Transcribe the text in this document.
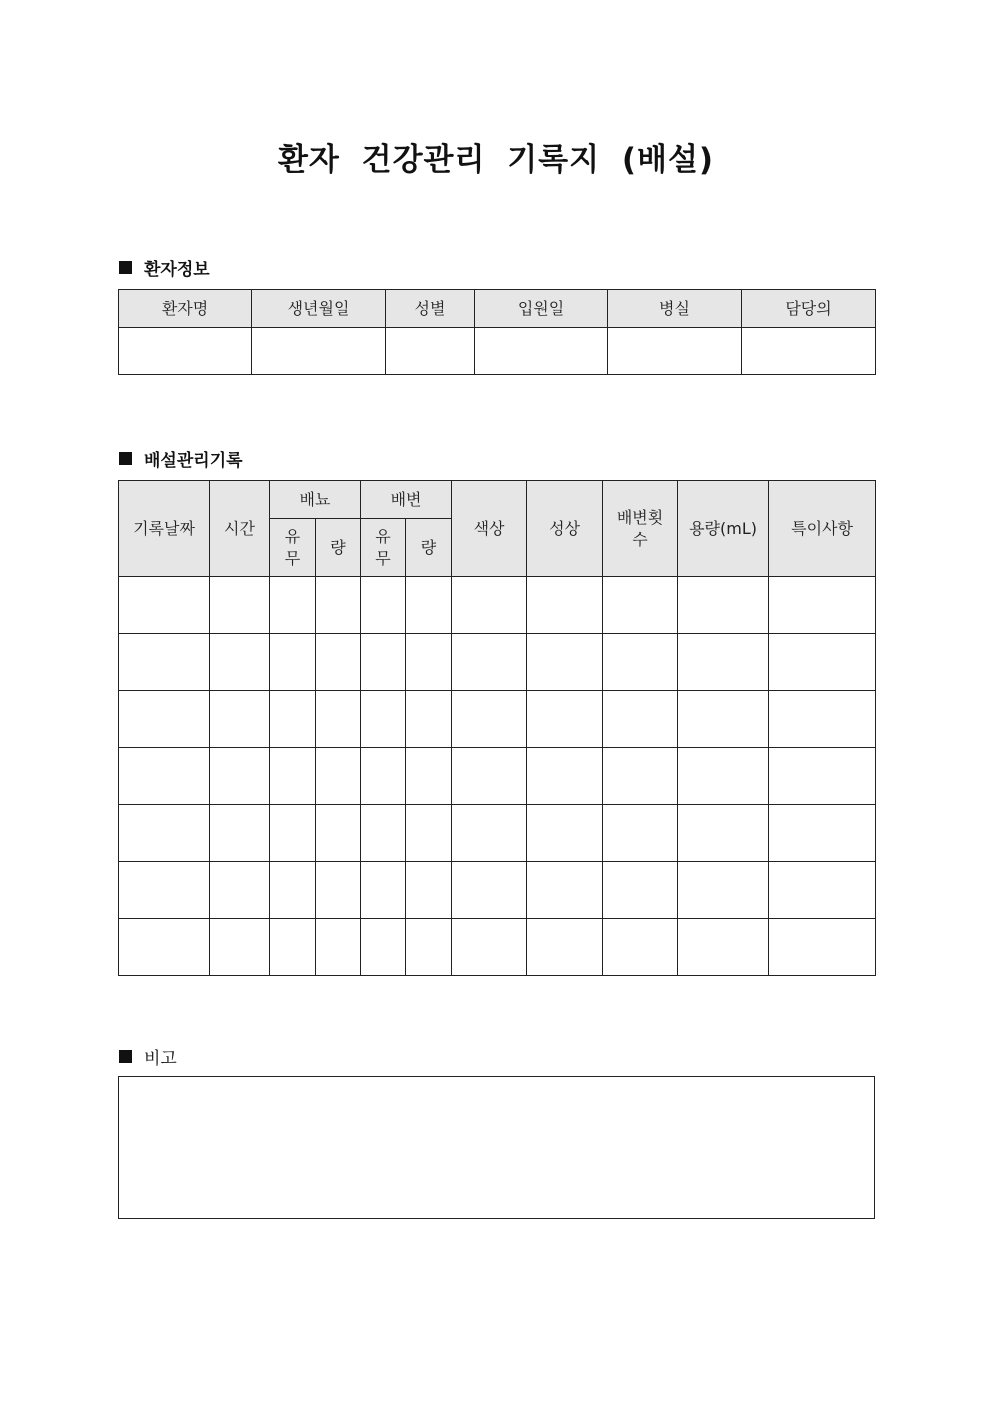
환자 건강관리 기록지 (배설)
환자정보
환자명	생년월일	성별	입원일	병실	담당의

배설관리기록
기록날짜	시간	배뇨		배변		색상	성상	배변횟수	용량(mL)	특이사항

		유무	량	유무	량					

비고
